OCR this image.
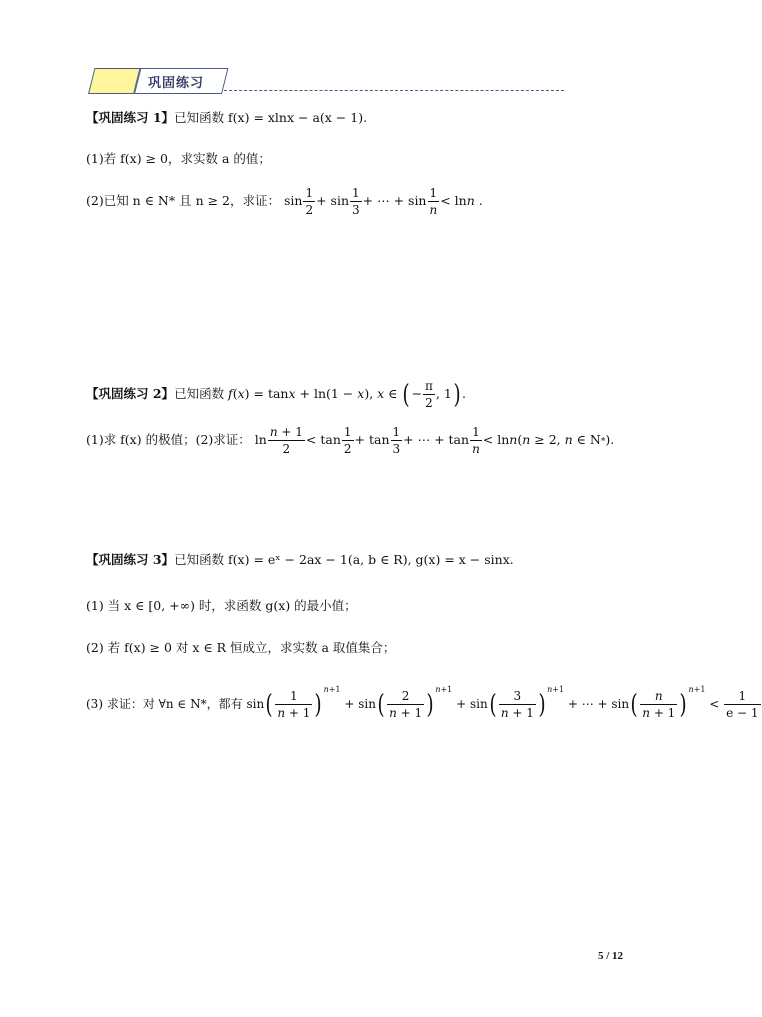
巩固练习
【巩固练习 1】已知函数 f(x) = xlnx − a(x − 1).
(1)若 f(x) ≥ 0，求实数 a 的值；
(2)已知 n ∈ N* 且 n ≥ 2，求证： $\sin \frac{1}{2} + \sin \frac{1}{3}$ + ⋯ + $\sin \frac{1}{n} < \ln n$ .
【巩固练习 2】已知函数 f(x) = tanx + ln(1 − x), x ∈ ( − $\frac{\pi}{2}$ , 1) .
(1)求 f(x) 的极值；(2)求证： $\ln \frac{n + 1}{2} < \tan \frac{1}{2} + \tan \frac{1}{3}$ + ⋯ + $\tan \frac{1}{n} < \ln n(n \ge 2$, n ∈ N*).
【巩固练习 3】已知函数 f(x) = eˣ − 2ax − 1(a, b ∈ R), g(x) = x − sinx.
(1) 当 x ∈ [0, +∞) 时，求函数 g(x) 的最小值；
(2) 若 f(x) ≥ 0 对 x ∈ R 恒成立，求实数 a 取值集合；
(3) 求证：对 ∀n ∈ N*，都有 $\sin( \frac{1}{n + 1}$ ) $^{n+1} + \sin( \frac{2}{n + 1}$ ) $^{n+1} + \sin( \frac{3}{n + 1}$ ) $^{n+1}$ + ⋯ + $\sin( \frac{n}{n + 1}$ ) $^{n+1} < \frac{1}{e - 1}$
5 / 12
